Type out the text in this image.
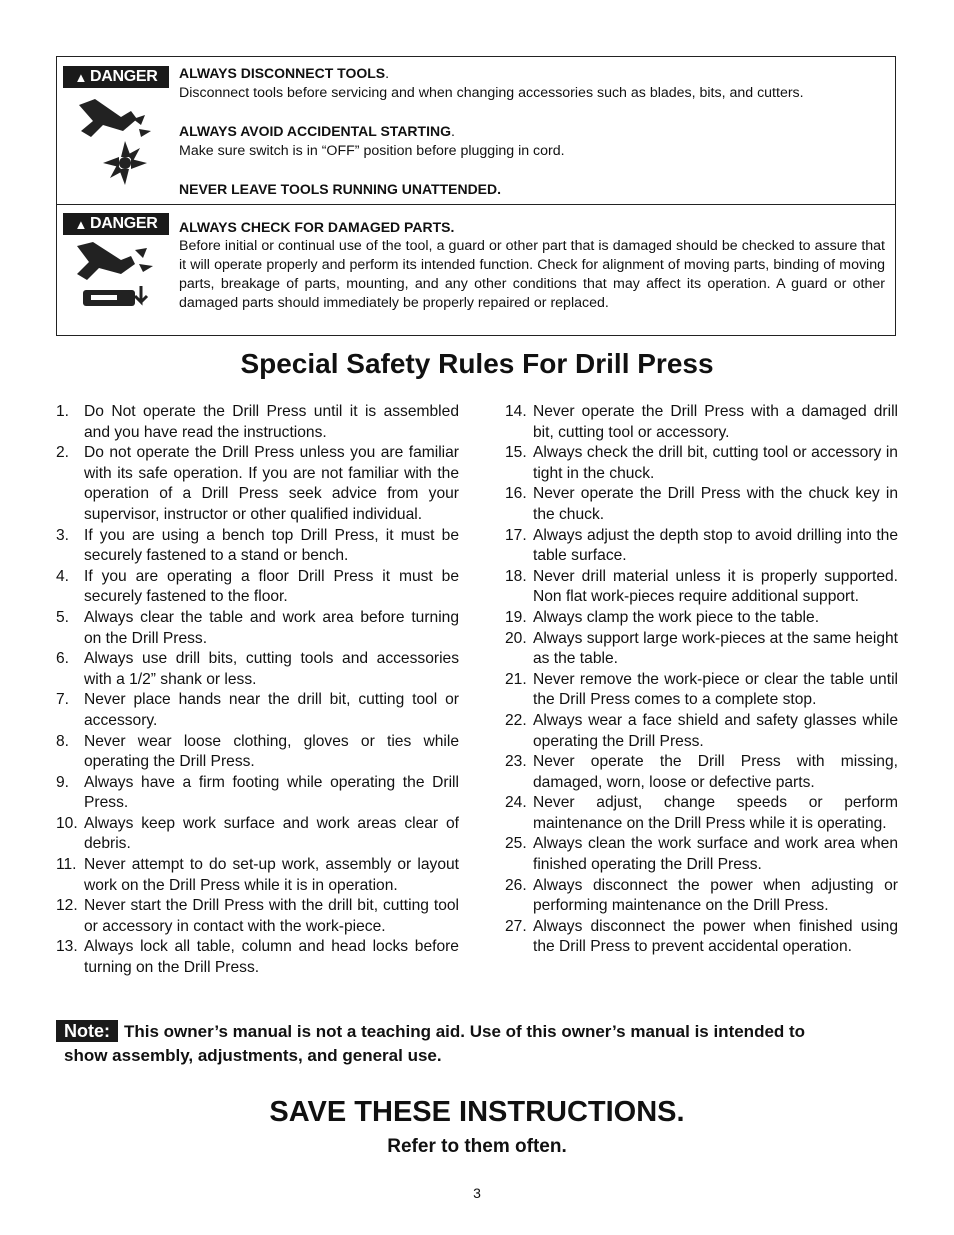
▲ DANGER ALWAYS DISCONNECT TOOLS.
Disconnect tools before servicing and when changing accessories such as blades, bits, and cutters.
ALWAYS AVOID ACCIDENTAL STARTING.
Make sure switch is in “OFF” position before plugging in cord.
NEVER LEAVE TOOLS RUNNING UNATTENDED.
▲ DANGER ALWAYS CHECK FOR DAMAGED PARTS.
Before initial or continual use of the tool, a guard or other part that is damaged should be checked to assure that it will operate properly and perform its intended function. Check for alignment of moving parts, binding of moving parts, breakage of parts, mounting, and any other conditions that may affect its operation. A guard or other damaged parts should immediately be properly repaired or replaced.
Special Safety Rules For Drill Press
1. Do Not operate the Drill Press until it is assembled and you have read the instructions.
2. Do not operate the Drill Press unless you are familiar with its safe operation. If you are not familiar with the operation of a Drill Press seek advice from your supervisor, instructor or other qualified individual.
3. If you are using a bench top Drill Press, it must be securely fastened to a stand or bench.
4. If you are operating a floor Drill Press it must be securely fastened to the floor.
5. Always clear the table and work area before turning on the Drill Press.
6. Always use drill bits, cutting tools and accessories with a 1/2” shank or less.
7. Never place hands near the drill bit, cutting tool or accessory.
8. Never wear loose clothing, gloves or ties while operating the Drill Press.
9. Always have a firm footing while operating the Drill Press.
10. Always keep work surface and work areas clear of debris.
11. Never attempt to do set-up work, assembly or layout work on the Drill Press while it is in operation.
12. Never start the Drill Press with the drill bit, cutting tool or accessory in contact with the work-piece.
13. Always lock all table, column and head locks before turning on the Drill Press.
14. Never operate the Drill Press with a damaged drill bit, cutting tool or accessory.
15. Always check the drill bit, cutting tool or accessory in tight in the chuck.
16. Never operate the Drill Press with the chuck key in the chuck.
17. Always adjust the depth stop to avoid drilling into the table surface.
18. Never drill material unless it is properly supported. Non flat work-pieces require additional support.
19. Always clamp the work piece to the table.
20. Always support large work-pieces at the same height as the table.
21. Never remove the work-piece or clear the table until the Drill Press comes to a complete stop.
22. Always wear a face shield and safety glasses while operating the Drill Press.
23. Never operate the Drill Press with missing, damaged, worn, loose or defective parts.
24. Never adjust, change speeds or perform maintenance on the Drill Press while it is operating.
25. Always clean the work surface and work area when finished operating the Drill Press.
26. Always disconnect the power when adjusting or performing maintenance on the Drill Press.
27. Always disconnect the power when finished using the Drill Press to prevent accidental operation.
Note: This owner’s manual is not a teaching aid. Use of this owner’s manual is intended to
show assembly, adjustments, and general use.
SAVE THESE INSTRUCTIONS.
Refer to them often.
3
